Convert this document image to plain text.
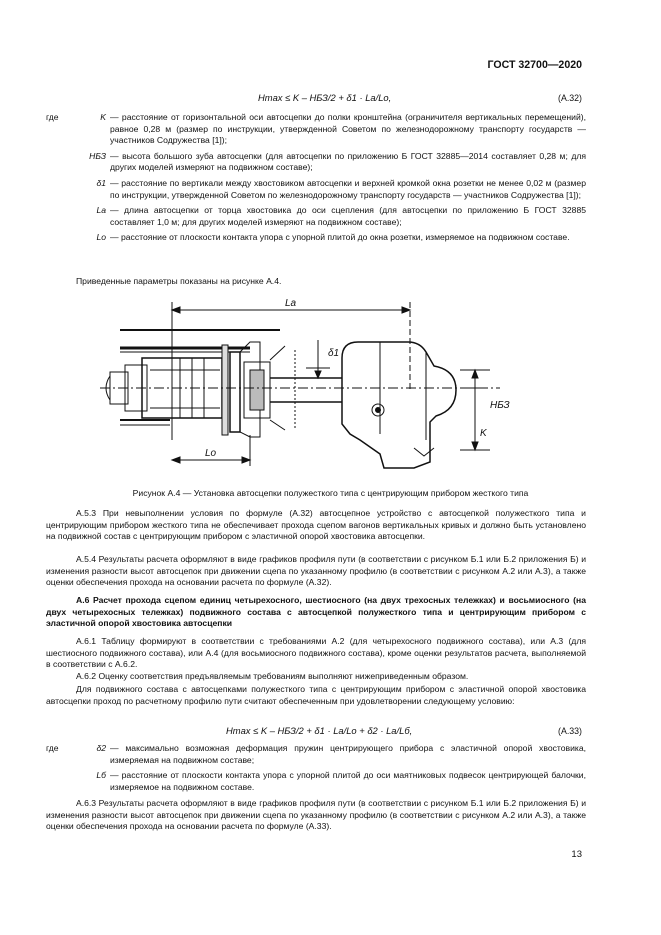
ГОСТ 32700—2020
Hmax ≤ K – HБЗ/2 + δ1 · Lа/Lо,	(А.32)
где	K — расстояние от горизонтальной оси автосцепки до полки кронштейна (ограничителя вертикальных перемещений), равное 0,28 м (размер по инструкции, утвержденной Советом по железнодорожному транспорту государств — участников Содружества [1]);

HБЗ — высота большого зуба автосцепки (для автосцепки по приложению Б ГОСТ 32885—2014 составляет 0,28 м; для других моделей измеряют на подвижном составе);

δ1 — расстояние по вертикали между хвостовиком автосцепки и верхней кромкой окна розетки не менее 0,02 м (размер по инструкции, утвержденной Советом по железнодорожному транспорту государств — участников Содружества [1]);

Lа — длина автосцепки от торца хвостовика до оси сцепления (для автосцепки по приложению Б ГОСТ 32885 составляет 1,0 м; для других моделей измеряют на подвижном составе);

Lо — расстояние от плоскости контакта упора с упорной плитой до окна розетки, измеряемое на подвижном составе.

Приведенные параметры показаны на рисунке А.4.

Lа
δ1
HБЗ
K
Lо
Рисунок А.4 — Установка автосцепки полужесткого типа с центрирующим прибором жесткого типа

А.5.3 При невыполнении условия по формуле (А.32) автосцепное устройство с автосцепкой полужесткого типа и центрирующим прибором жесткого типа не обеспечивает прохода сцепом вагонов вертикальных кривых и должно быть установлено на подвижной состав с центрирующим прибором с эластичной опорой хвостовика автосцепки.

А.5.4 Результаты расчета оформляют в виде графиков профиля пути (в соответствии с рисунком Б.1 или Б.2 приложения Б) и изменения разности высот автосцепок при движении сцепа по указанному профилю (в соответствии с рисунком А.2 или А.3), а также оценки обеспечения прохода на основании расчета по формуле (А.32).

А.6 Расчет прохода сцепом единиц четырехосного, шестиосного (на двух трехосных тележках) и восьмиосного (на двух четырехосных тележках) подвижного состава с автосцепкой полужесткого типа и центрирующим прибором с эластичной опорой хвостовика автосцепки

А.6.1 Таблицу формируют в соответствии с требованиями А.2 (для четырехосного подвижного состава), или А.3 (для шестиосного подвижного состава), или А.4 (для восьмиосного подвижного состава), кроме оценки результатов расчета, выполняемой в соответствии с А.6.2.

А.6.2 Оценку соответствия предъявляемым требованиям выполняют нижеприведенным образом.

Для подвижного состава с автосцепками полужесткого типа с центрирующим прибором с эластичной опорой хвостовика автосцепки проход по расчетному профилю пути считают обеспеченным при удовлетворении следующему условию:

Hmax ≤ K – HБЗ/2 + δ1 · Lа/Lо + δ2 · Lа/Lб,	(А.33)
где	δ2 — максимально возможная деформация пружин центрирующего прибора с эластичной опорой хвостовика, измеряемая на подвижном составе;

Lб — расстояние от плоскости контакта упора с упорной плитой до оси маятниковых подвесок центрирующей балочки, измеряемое на подвижном составе.

А.6.3 Результаты расчета оформляют в виде графиков профиля пути (в соответствии с рисунком Б.1 или Б.2 приложения Б) и изменения разности высот автосцепок при движении сцепа по указанному профилю (в соответствии с рисунком А.2 или А.3), а также оценки обеспечения прохода на основании расчета по формуле (А.33).

13
